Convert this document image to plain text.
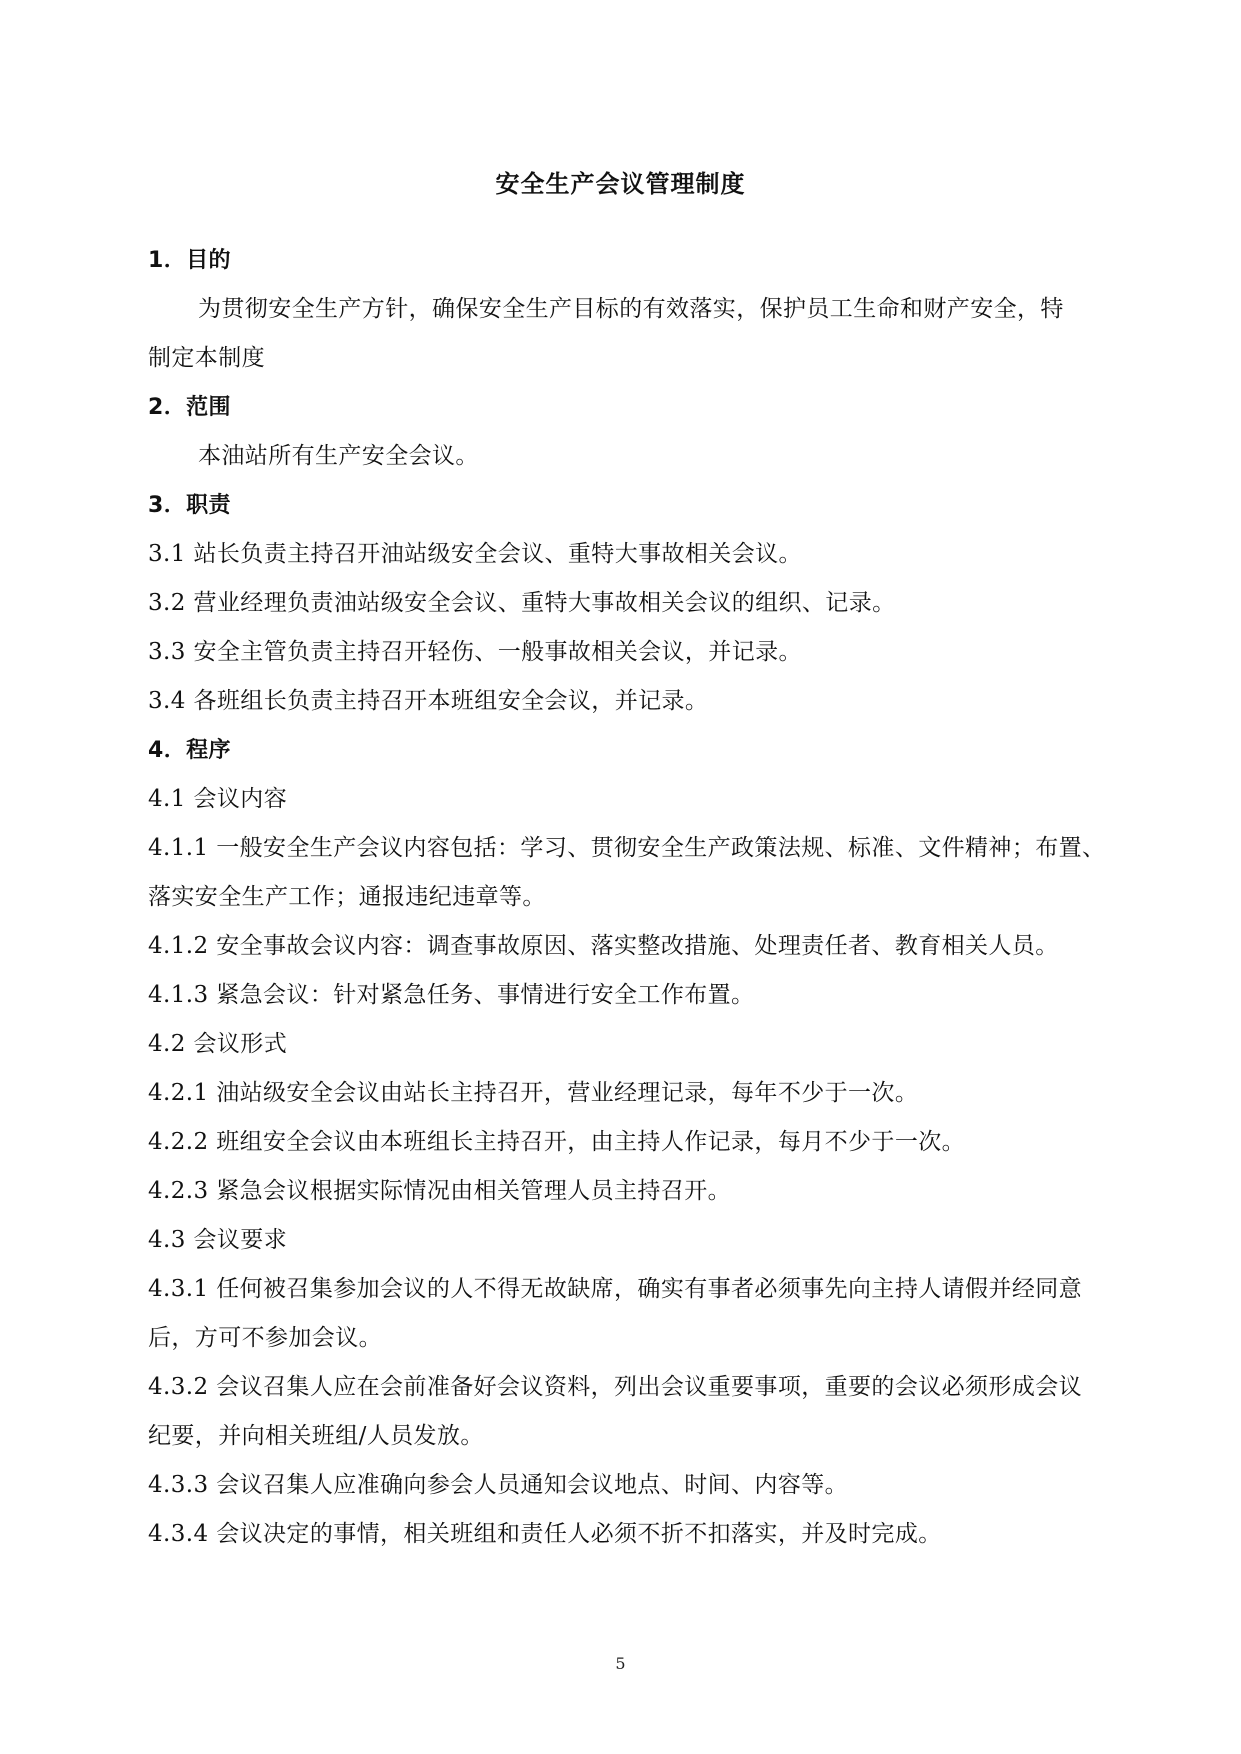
安全生产会议管理制度
1．目的
为贯彻安全生产方针，确保安全生产目标的有效落实，保护员工生命和财产安全，特
制定本制度
2．范围
本油站所有生产安全会议。
3．职责
3.1 站长负责主持召开油站级安全会议、重特大事故相关会议。
3.2 营业经理负责油站级安全会议、重特大事故相关会议的组织、记录。
3.3 安全主管负责主持召开轻伤、一般事故相关会议，并记录。
3.4 各班组长负责主持召开本班组安全会议，并记录。
4．程序
4.1 会议内容
4.1.1 一般安全生产会议内容包括：学习、贯彻安全生产政策法规、标准、文件精神；布置、
落实安全生产工作；通报违纪违章等。
4.1.2 安全事故会议内容：调查事故原因、落实整改措施、处理责任者、教育相关人员。
4.1.3 紧急会议：针对紧急任务、事情进行安全工作布置。
4.2 会议形式
4.2.1 油站级安全会议由站长主持召开，营业经理记录，每年不少于一次。
4.2.2 班组安全会议由本班组长主持召开，由主持人作记录，每月不少于一次。
4.2.3 紧急会议根据实际情况由相关管理人员主持召开。
4.3 会议要求
4.3.1 任何被召集参加会议的人不得无故缺席，确实有事者必须事先向主持人请假并经同意
后，方可不参加会议。
4.3.2 会议召集人应在会前准备好会议资料，列出会议重要事项，重要的会议必须形成会议
纪要，并向相关班组/人员发放。
4.3.3 会议召集人应准确向参会人员通知会议地点、时间、内容等。
4.3.4 会议决定的事情，相关班组和责任人必须不折不扣落实，并及时完成。
5
